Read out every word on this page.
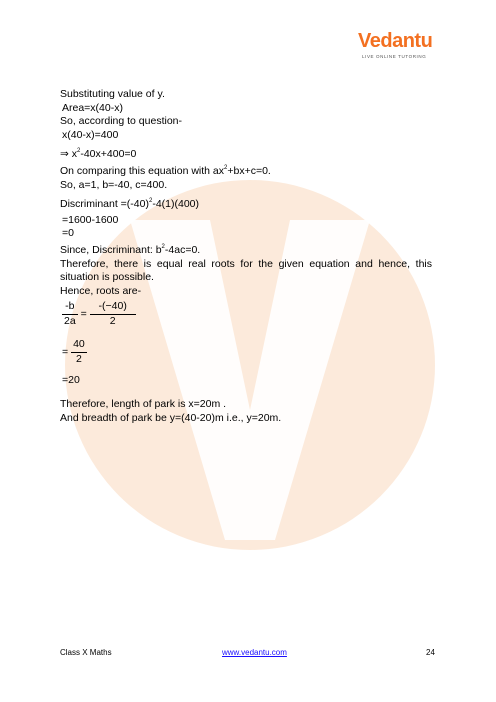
Vedantu
LIVE ONLINE TUTORING
Substituting value of y.
Area=x(40-x)
So, according to question-
x(40-x)=400
⇒ $x^2-40x+400=0$
On comparing this equation with $ax^2+bx+c=0$.
So, a=1, b=-40, c=400.
Discriminant $=(-40)^2-4(1)(400)$
=1600-1600
=0
Since, Discriminant: $b^2-4ac=0$.
Therefore, there is equal real roots for the given equation and hence, this situation is possible.
Hence, roots are-
$\frac{-b}{2a} = \frac{-(-40)}{2}$
= $\frac{40}{2}$
=20
Therefore, length of park is x=20m .
And breadth of park be y=(40-20)m i.e., y=20m.
Class X Maths	www.vedantu.com	24
